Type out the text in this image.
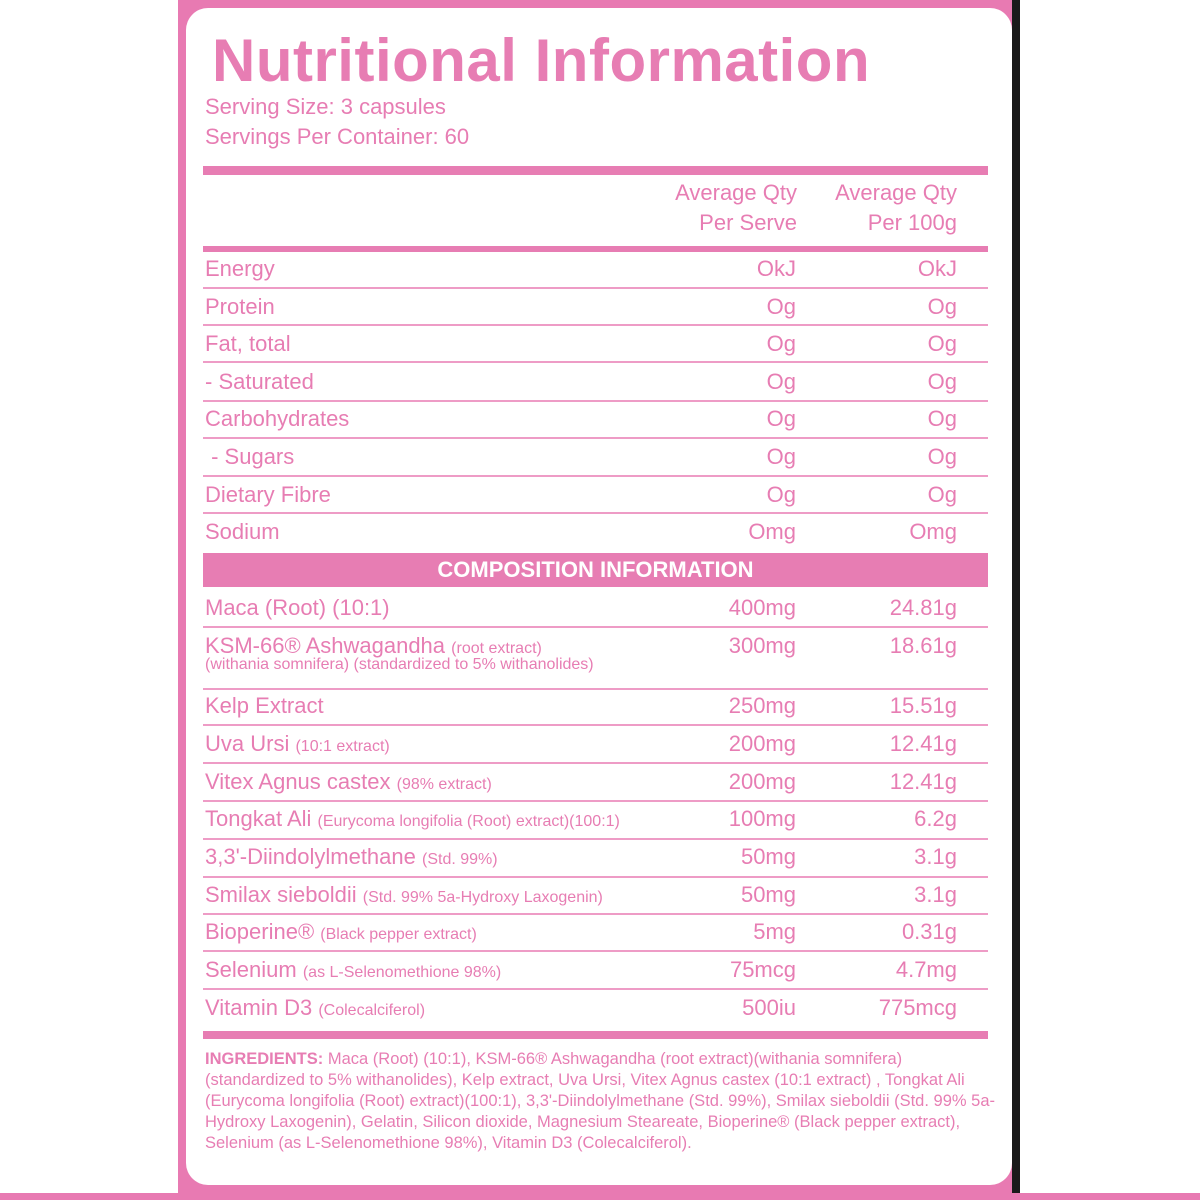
Nutritional Information
Serving Size: 3 capsules
Servings Per Container: 60
Average Qty
Per Serve
Average Qty
Per 100g
Energy	OkJ	OkJ
Protein	Og	Og
Fat, total	Og	Og
- Saturated	Og	Og
Carbohydrates	Og	Og
- Sugars	Og	Og
Dietary Fibre	Og	Og
Sodium	Omg	Omg
COMPOSITION INFORMATION
Maca (Root) (10:1)	400mg	24.81g
KSM-66® Ashwagandha (root extract)
(withania somnifera) (standardized to 5% withanolides)
300mg	18.61g
Kelp Extract	250mg	15.51g
Uva Ursi (10:1 extract)	200mg	12.41g
Vitex Agnus castex (98% extract)	200mg	12.41g
Tongkat Ali (Eurycoma longifolia (Root) extract)(100:1)	100mg	6.2g
3,3'-Diindolylmethane (Std. 99%)	50mg	3.1g
Smilax sieboldii (Std. 99% 5a-Hydroxy Laxogenin)	50mg	3.1g
Bioperine® (Black pepper extract)	5mg	0.31g
Selenium (as L-Selenomethione 98%)	75mcg	4.7mg
Vitamin D3 (Colecalciferol)	500iu	775mcg
INGREDIENTS: Maca (Root) (10:1), KSM-66® Ashwagandha (root extract)(withania somnifera) (standardized to 5% withanolides), Kelp extract, Uva Ursi, Vitex Agnus castex (10:1 extract) , Tongkat Ali (Eurycoma longifolia (Root) extract)(100:1), 3,3'-Diindolylmethane (Std. 99%), Smilax sieboldii (Std. 99% 5a-Hydroxy Laxogenin), Gelatin, Silicon dioxide, Magnesium Steareate, Bioperine® (Black pepper extract), Selenium (as L-Selenomethione 98%), Vitamin D3 (Colecalciferol).
